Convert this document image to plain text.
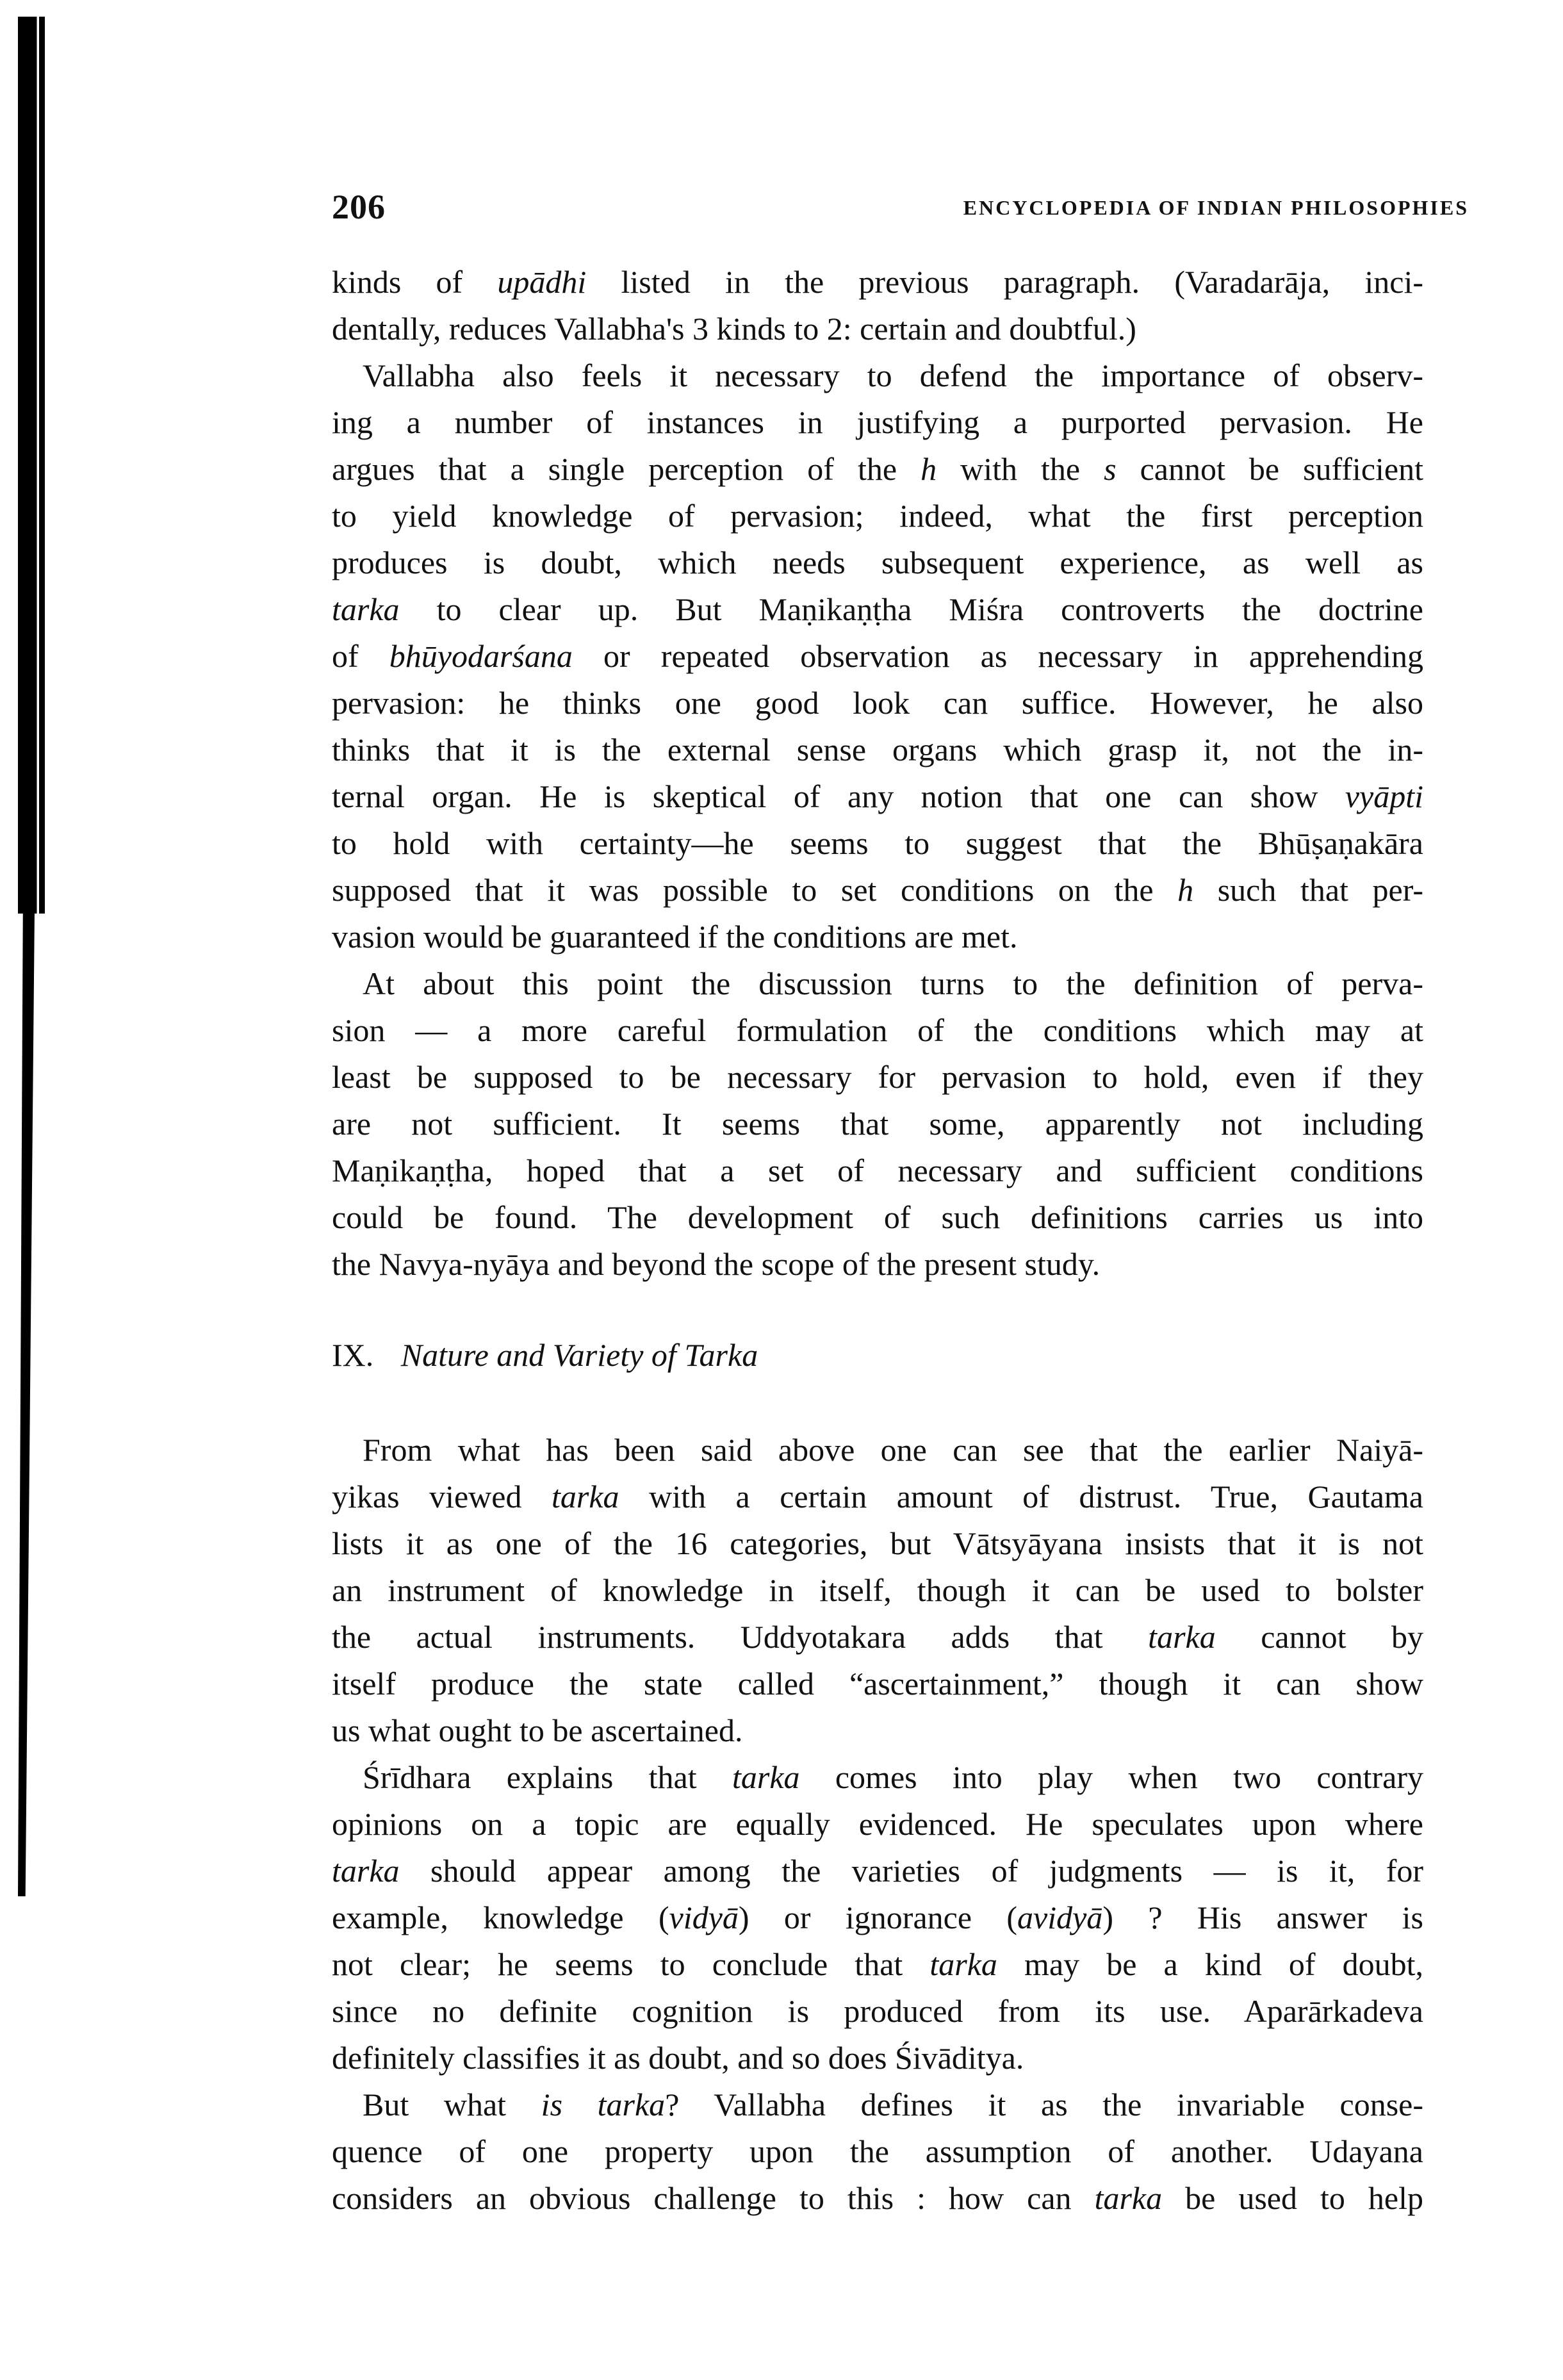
206	ENCYCLOPEDIA OF INDIAN PHILOSOPHIES
IX. Nature and Variety of Tarka
kinds of upādhi listed in the previous paragraph. (Varadarāja, inci-
dentally, reduces Vallabha's 3 kinds to 2: certain and doubtful.)
Vallabha also feels it necessary to defend the importance of observ-
ing a number of instances in justifying a purported pervasion. He
argues that a single perception of the h with the s cannot be sufficient
to yield knowledge of pervasion; indeed, what the first perception
produces is doubt, which needs subsequent experience, as well as
tarka to clear up. But Maṇikaṇṭha Miśra controverts the doctrine
of bhūyodarśana or repeated observation as necessary in apprehending
pervasion: he thinks one good look can suffice. However, he also
thinks that it is the external sense organs which grasp it, not the in-
ternal organ. He is skeptical of any notion that one can show vyāpti
to hold with certainty—he seems to suggest that the Bhūṣaṇakāra
supposed that it was possible to set conditions on the h such that per-
vasion would be guaranteed if the conditions are met.
At about this point the discussion turns to the definition of perva-
sion — a more careful formulation of the conditions which may at
least be supposed to be necessary for pervasion to hold, even if they
are not sufficient. It seems that some, apparently not including
Maṇikaṇṭha, hoped that a set of necessary and sufficient conditions
could be found. The development of such definitions carries us into
the Navya-nyāya and beyond the scope of the present study.
From what has been said above one can see that the earlier Naiyā-
yikas viewed tarka with a certain amount of distrust. True, Gautama
lists it as one of the 16 categories, but Vātsyāyana insists that it is not
an instrument of knowledge in itself, though it can be used to bolster
the actual instruments. Uddyotakara adds that tarka cannot by
itself produce the state called “ascertainment,” though it can show
us what ought to be ascertained.
Śrīdhara explains that tarka comes into play when two contrary
opinions on a topic are equally evidenced. He speculates upon where
tarka should appear among the varieties of judgments — is it, for
example, knowledge (vidyā) or ignorance (avidyā) ? His answer is
not clear; he seems to conclude that tarka may be a kind of doubt,
since no definite cognition is produced from its use. Aparārkadeva
definitely classifies it as doubt, and so does Śivāditya.
But what is tarka? Vallabha defines it as the invariable conse-
quence of one property upon the assumption of another. Udayana
considers an obvious challenge to this : how can tarka be used to help
